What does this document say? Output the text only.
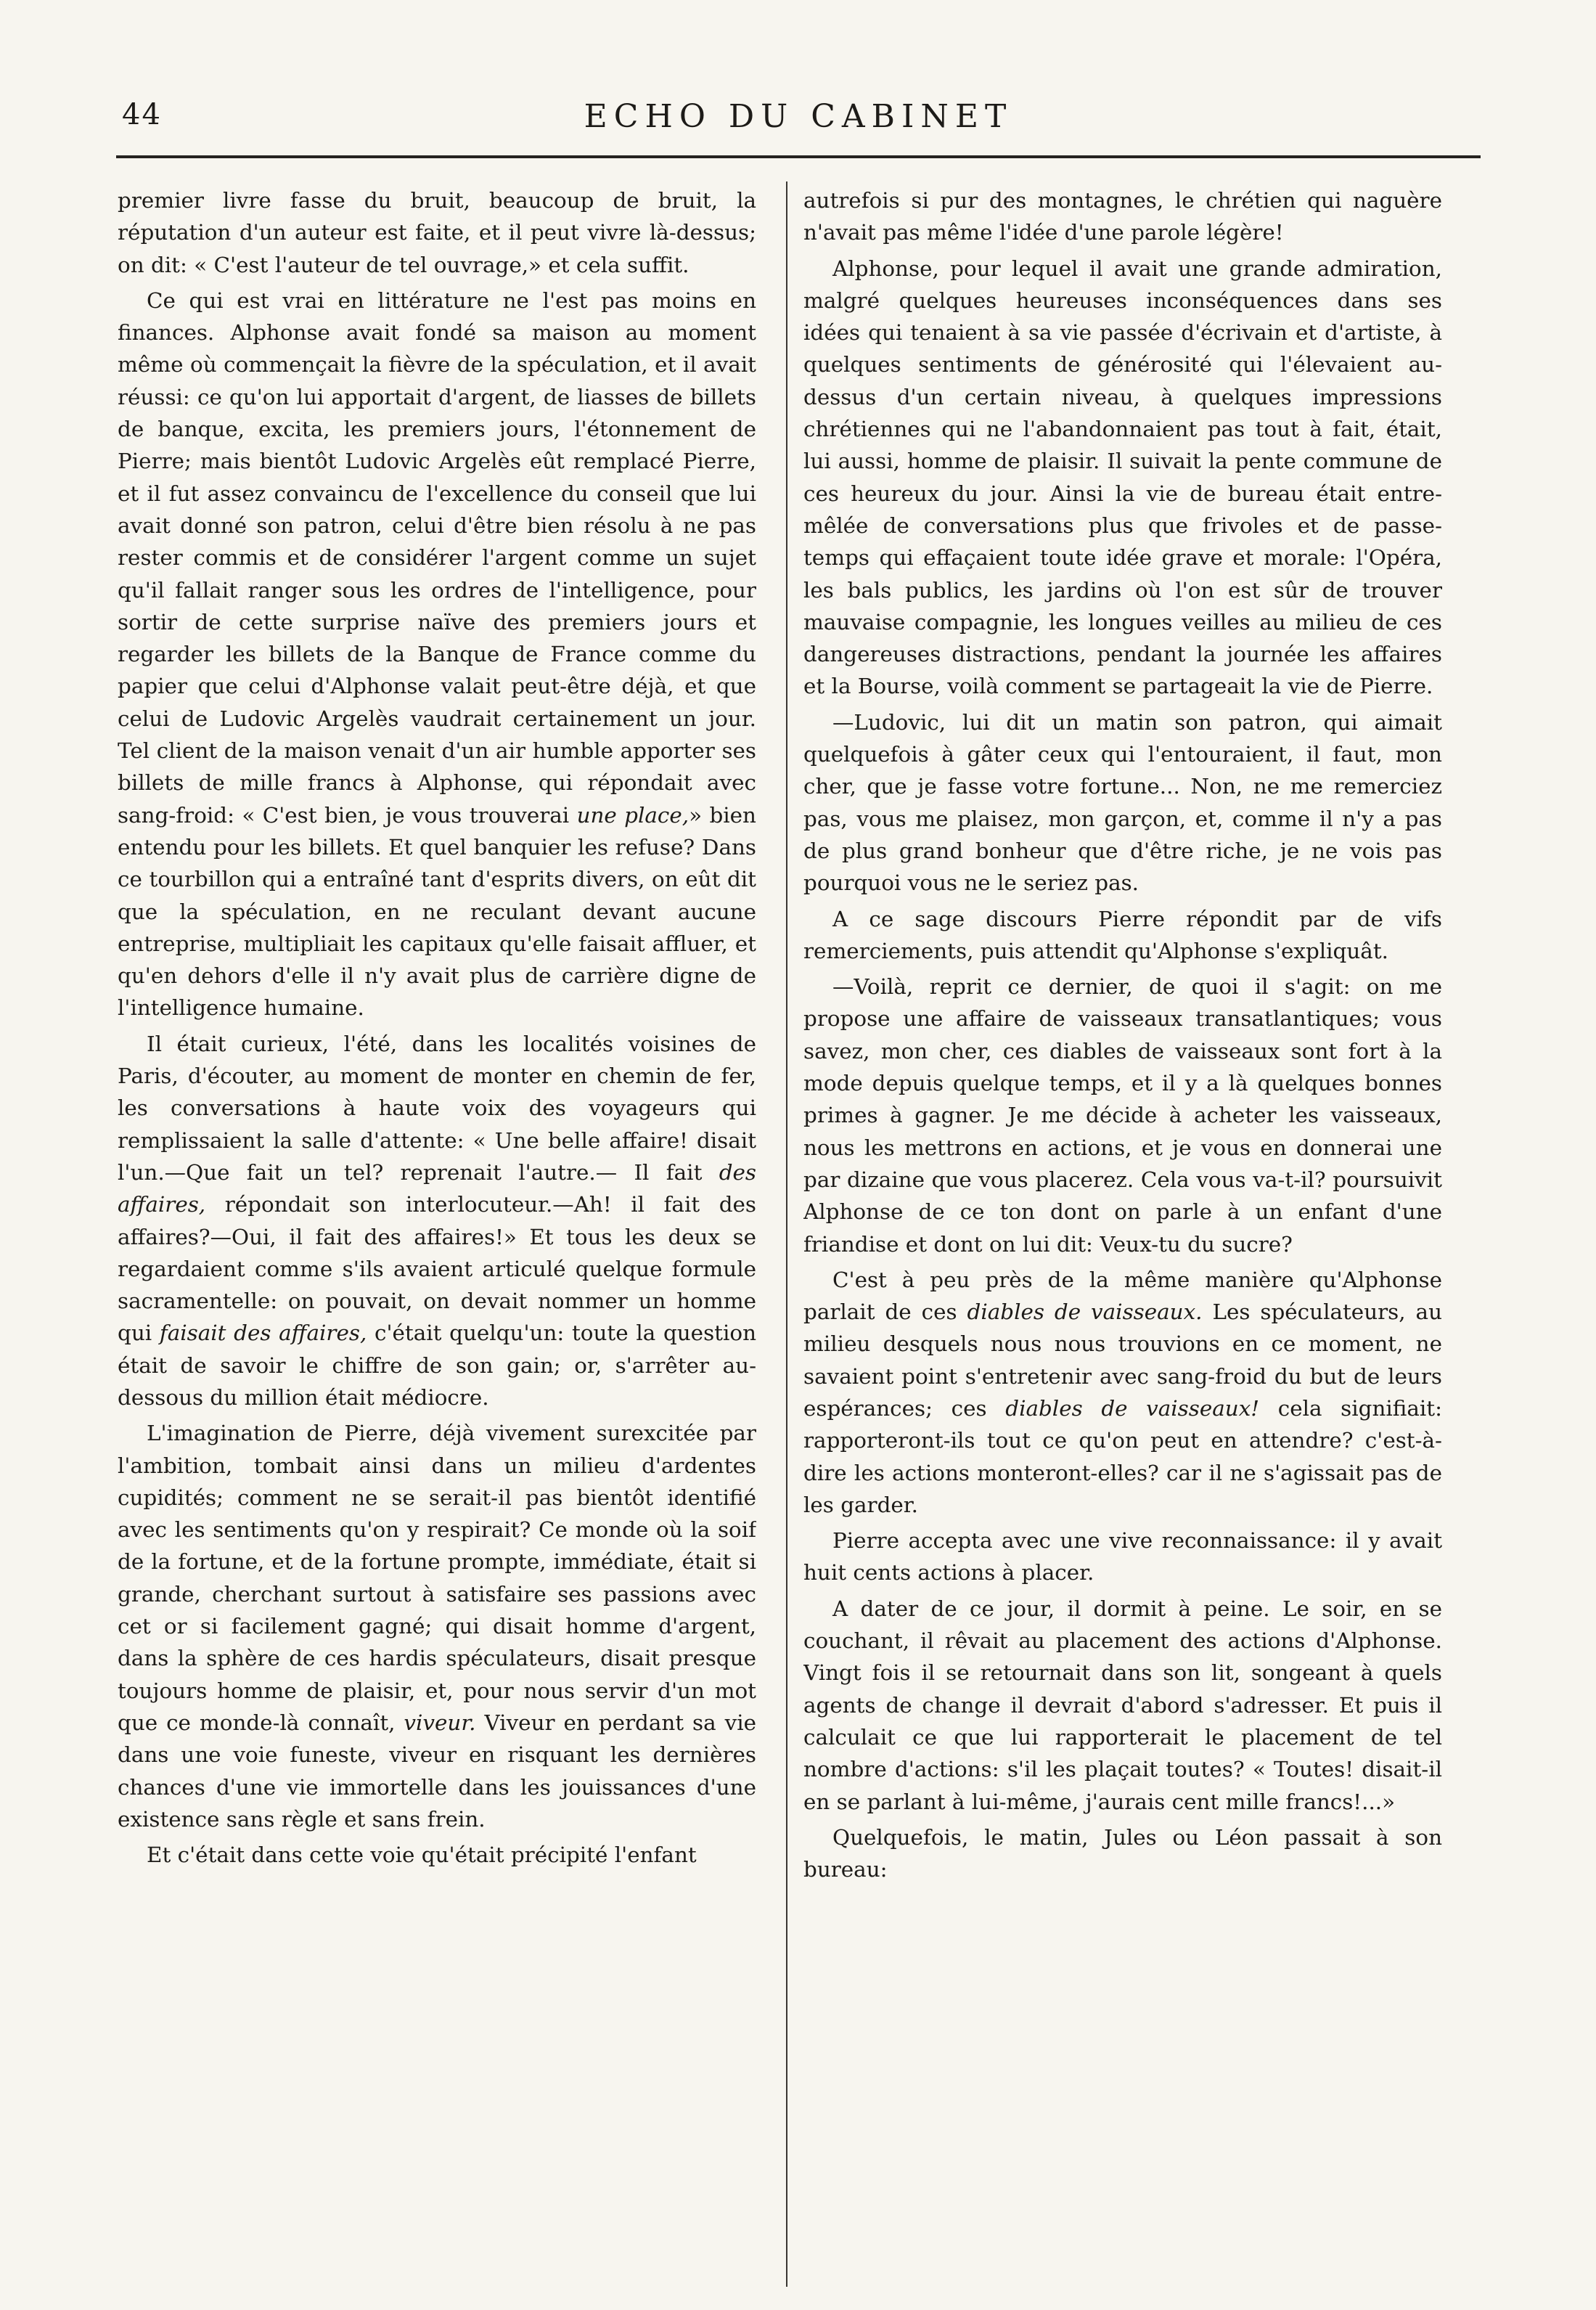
44	ECHO DU CABINET

premier livre fasse du bruit, beaucoup de bruit, la réputation d'un auteur est faite, et il peut vivre là-dessus; on dit: « C'est l'auteur de tel ouvrage,» et cela suffit.

Ce qui est vrai en littérature ne l'est pas moins en finances. Alphonse avait fondé sa maison au moment même où commençait la fièvre de la spéculation, et il avait réussi: ce qu'on lui apportait d'argent, de liasses de billets de banque, excita, les premiers jours, l'étonnement de Pierre; mais bientôt Ludovic Argelès eût remplacé Pierre, et il fut assez convaincu de l'excellence du conseil que lui avait donné son patron, celui d'être bien résolu à ne pas rester commis et de considérer l'argent comme un sujet qu'il fallait ranger sous les ordres de l'intelligence, pour sortir de cette surprise naïve des premiers jours et regarder les billets de la Banque de France comme du papier que celui d'Alphonse valait peut-être déjà, et que celui de Ludovic Argelès vaudrait certainement un jour. Tel client de la maison venait d'un air humble apporter ses billets de mille francs à Alphonse, qui répondait avec sang-froid: « C'est bien, je vous trouverai une place,» bien entendu pour les billets. Et quel banquier les refuse? Dans ce tourbillon qui a entraîné tant d'esprits divers, on eût dit que la spéculation, en ne reculant devant aucune entreprise, multipliait les capitaux qu'elle faisait affluer, et qu'en dehors d'elle il n'y avait plus de carrière digne de l'intelligence humaine.

Il était curieux, l'été, dans les localités voisines de Paris, d'écouter, au moment de monter en chemin de fer, les conversations à haute voix des voyageurs qui remplissaient la salle d'attente: « Une belle affaire! disait l'un.—Que fait un tel? reprenait l'autre.— Il fait des affaires, répondait son interlocuteur.—Ah! il fait des affaires?—Oui, il fait des affaires!» Et tous les deux se regardaient comme s'ils avaient articulé quelque formule sacramentelle: on pouvait, on devait nommer un homme qui faisait des affaires, c'était quelqu'un: toute la question était de savoir le chiffre de son gain; or, s'arrêter au-dessous du million était médiocre.

L'imagination de Pierre, déjà vivement surexcitée par l'ambition, tombait ainsi dans un milieu d'ardentes cupidités; comment ne se serait-il pas bientôt identifié avec les sentiments qu'on y respirait? Ce monde où la soif de la fortune, et de la fortune prompte, immédiate, était si grande, cherchant surtout à satisfaire ses passions avec cet or si facilement gagné; qui disait homme d'argent, dans la sphère de ces hardis spéculateurs, disait presque toujours homme de plaisir, et, pour nous servir d'un mot que ce monde-là connaît, viveur. Viveur en perdant sa vie dans une voie funeste, viveur en risquant les dernières chances d'une vie immortelle dans les jouissances d'une existence sans règle et sans frein.

Et c'était dans cette voie qu'était précipité l'enfant

autrefois si pur des montagnes, le chrétien qui naguère n'avait pas même l'idée d'une parole légère!

Alphonse, pour lequel il avait une grande admiration, malgré quelques heureuses inconséquences dans ses idées qui tenaient à sa vie passée d'écrivain et d'artiste, à quelques sentiments de générosité qui l'élevaient au-dessus d'un certain niveau, à quelques impressions chrétiennes qui ne l'abandonnaient pas tout à fait, était, lui aussi, homme de plaisir. Il suivait la pente commune de ces heureux du jour. Ainsi la vie de bureau était entre-mêlée de conversations plus que frivoles et de passe-temps qui effaçaient toute idée grave et morale: l'Opéra, les bals publics, les jardins où l'on est sûr de trouver mauvaise compagnie, les longues veilles au milieu de ces dangereuses distractions, pendant la journée les affaires et la Bourse, voilà comment se partageait la vie de Pierre.

—Ludovic, lui dit un matin son patron, qui aimait quelquefois à gâter ceux qui l'entouraient, il faut, mon cher, que je fasse votre fortune... Non, ne me remerciez pas, vous me plaisez, mon garçon, et, comme il n'y a pas de plus grand bonheur que d'être riche, je ne vois pas pourquoi vous ne le seriez pas.

A ce sage discours Pierre répondit par de vifs remerciements, puis attendit qu'Alphonse s'expliquât.

—Voilà, reprit ce dernier, de quoi il s'agit: on me propose une affaire de vaisseaux transatlantiques; vous savez, mon cher, ces diables de vaisseaux sont fort à la mode depuis quelque temps, et il y a là quelques bonnes primes à gagner. Je me décide à acheter les vaisseaux, nous les mettrons en actions, et je vous en donnerai une par dizaine que vous placerez. Cela vous va-t-il? poursuivit Alphonse de ce ton dont on parle à un enfant d'une friandise et dont on lui dit: Veux-tu du sucre?

C'est à peu près de la même manière qu'Alphonse parlait de ces diables de vaisseaux. Les spéculateurs, au milieu desquels nous nous trouvions en ce moment, ne savaient point s'entretenir avec sang-froid du but de leurs espérances; ces diables de vaisseaux! cela signifiait: rapporteront-ils tout ce qu'on peut en attendre? c'est-à-dire les actions monteront-elles? car il ne s'agissait pas de les garder.

Pierre accepta avec une vive reconnaissance: il y avait huit cents actions à placer.

A dater de ce jour, il dormit à peine. Le soir, en se couchant, il rêvait au placement des actions d'Alphonse. Vingt fois il se retournait dans son lit, songeant à quels agents de change il devrait d'abord s'adresser. Et puis il calculait ce que lui rapporterait le placement de tel nombre d'actions: s'il les plaçait toutes? « Toutes! disait-il en se parlant à lui-même, j'aurais cent mille francs!...»

Quelquefois, le matin, Jules ou Léon passait à son bureau:
